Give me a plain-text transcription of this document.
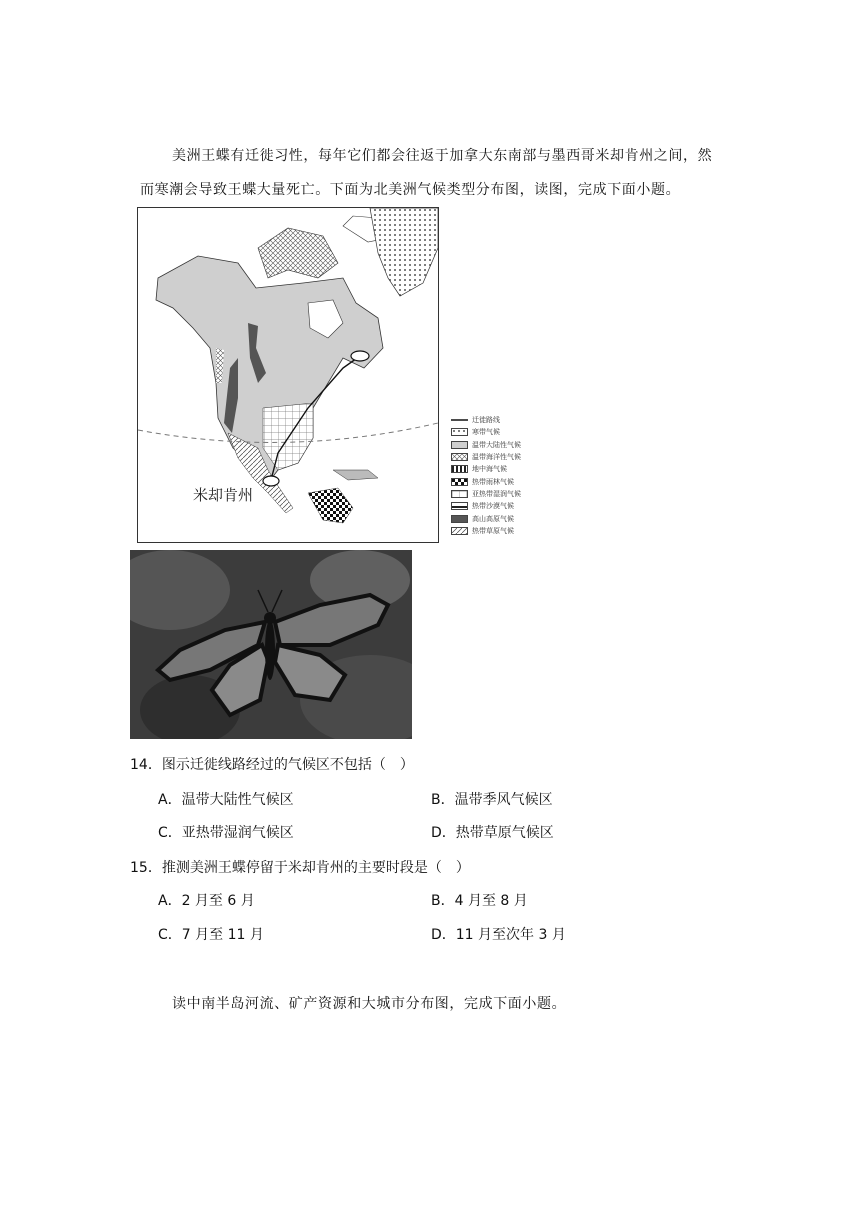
美洲王蝶有迁徙习性，每年它们都会往返于加拿大东南部与墨西哥米却肯州之间，然
而寒潮会导致王蝶大量死亡。下面为北美洲气候类型分布图，读图，完成下面小题。
米却肯州
迁徙路线
寒带气候
温带大陆性气候
温带海洋性气候
地中海气候
热带雨林气候
亚热带湿润气候
热带沙漠气候
高山高原气候
热带草原气候
14．图示迁徙线路经过的气候区不包括（　）
A．温带大陆性气候区	B．温带季风气候区
C．亚热带湿润气候区	D．热带草原气候区
15．推测美洲王蝶停留于米却肯州的主要时段是（　）
A．2 月至 6 月	B．4 月至 8 月
C．7 月至 11 月	D．11 月至次年 3 月
读中南半岛河流、矿产资源和大城市分布图，完成下面小题。
